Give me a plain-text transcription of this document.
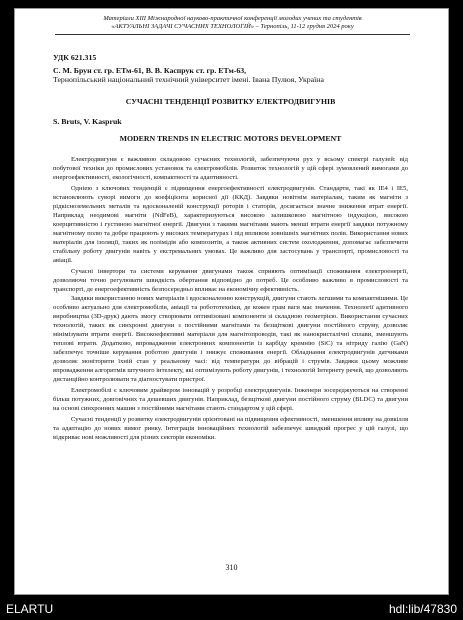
Матеріали XIII Міжнародної науково-практичної конференції молодих учених та студентів
«АКТУАЛЬНІ ЗАДАЧІ СУЧАСНИХ ТЕХНОЛОГІЙ» – Тернопіль, 11-12 грудня 2024 року
УДК 621.315
С. М. Брун ст. гр. ЕТм-61, В. В. Каспрук ст. гр. ЕТм-63,
Тернопільський національний технічний університет імені. Івана Пулюя, Україна
СУЧАСНІ ТЕНДЕНЦІЇ РОЗВИТКУ ЕЛЕКТРОДВИГУНІВ
S. Bruts, V. Kaspruk
MODERN TRENDS IN ELECTRIC MOTORS DEVELOPMENT

Електродвигуни є важливою складовою сучасних технологій, забезпечуючи рух у всьому спектрі галузей: від побутової техніки до промислових установок та електромобілів. Розвиток технологій у цій сфері зумовлений вимогами до енергоефективності, екологічності, компактності та адаптивності.

Одніею з ключових тенденцій є підвищення енергоефективності електродвигунів. Стандарти, такі як IE4 і IE5, встановлюють суворі вимоги до коефіцієнта корисної дії (ККД). Завдяки новітнім матеріалам, таким як магніти з рідкісноземельних металів та вдосконаленій конструкції роторів і статорів, досягається значне зниження втрат енергії. Наприклад неодимові магніти (NdFeB), характеризуються високою залишковою магнітною індукцією, високою коерцитивністю і густиною магнітної енергії. Двигуни з такими магнітами мають менші втрати енергії завдяки потужному магнітному полю та добре працюють у високих температурах і під впливом зовнішніх магнітних полів. Використання нових матеріалів для ізоляції, таких як полімідів або композитів, а також активних систем охолодження, допомагає забезпечити стабільну роботу двигунів навіть у екстремальних умовах. Це важливо для застосувань у транспорті, промисловості та авіації.

Сучасні інвертори та системи керування двигунами також сприяють оптимізації споживання електроенергії, дозволяючи точно регулювати швидкість обертання відповідно до потреб. Це особливо важливо в промисловості та транспорті, де енергоефективність безпосередньо впливає на економічну ефективність.

Завдяки використанню нових матеріалів і вдосконаленню конструкцій, двигуни стають легшими та компактнішими. Це особливо актуально для електромобілів, авіації та робототехніки, де кожен грам ваги має значення. Технології адитивного виробництва (3D-друк) дають змогу створювати оптимізовані компоненти зі складною геометрією. Використання сучасних технологій, таких як синхронні двигуни з постійними магнітами та безщіткові двигуни постійного струму, дозволяє мінімізувати втрати енергії. Високоефективні матеріали для магнітопроводів, такі як нанокристалічні сплави, зменшують теплові втрати. Додатково, впровадження електронних компонентів із карбіду кремнію (SiC) та нітриду галію (GaN) забезпечує точніше керування роботою двигунів і знижує споживання енергії. Обладнання електродвигунів датчиками дозволяє моніторити їхній стан у реальному часі: від температури до вібрацій і струмів. Завдяки цьому можливе впровадження алгоритмів штучного інтелекту, які оптимізують роботу двигунів, і технологій Інтернету речей, що дозволяють дистанційно контролювати та діагностувати пристрої.

Електромобілі є ключовим драйвером інновацій у розробці електродвигунів. Інженери зосереджуються на створенні більш потужних, довговічних та дешевших двигунів. Наприклад, безщіткові двигуни постійного струму (BLDC) та двигуни на основі синхронних машин з постійними магнітами стають стандартом у цій сфері.

Сучасні тенденції у розвитку електродвигунів орієнтовані на підвищення ефективності, зменшення впливу на довкілля та адаптацію до нових вимог ринку. Інтеграція інноваційних технологій забезпечує швидкий прогрес у цій галузі, що відкриває нові можливості для різних секторів економіки.

310
ELARTU	hdl:lib/47830
